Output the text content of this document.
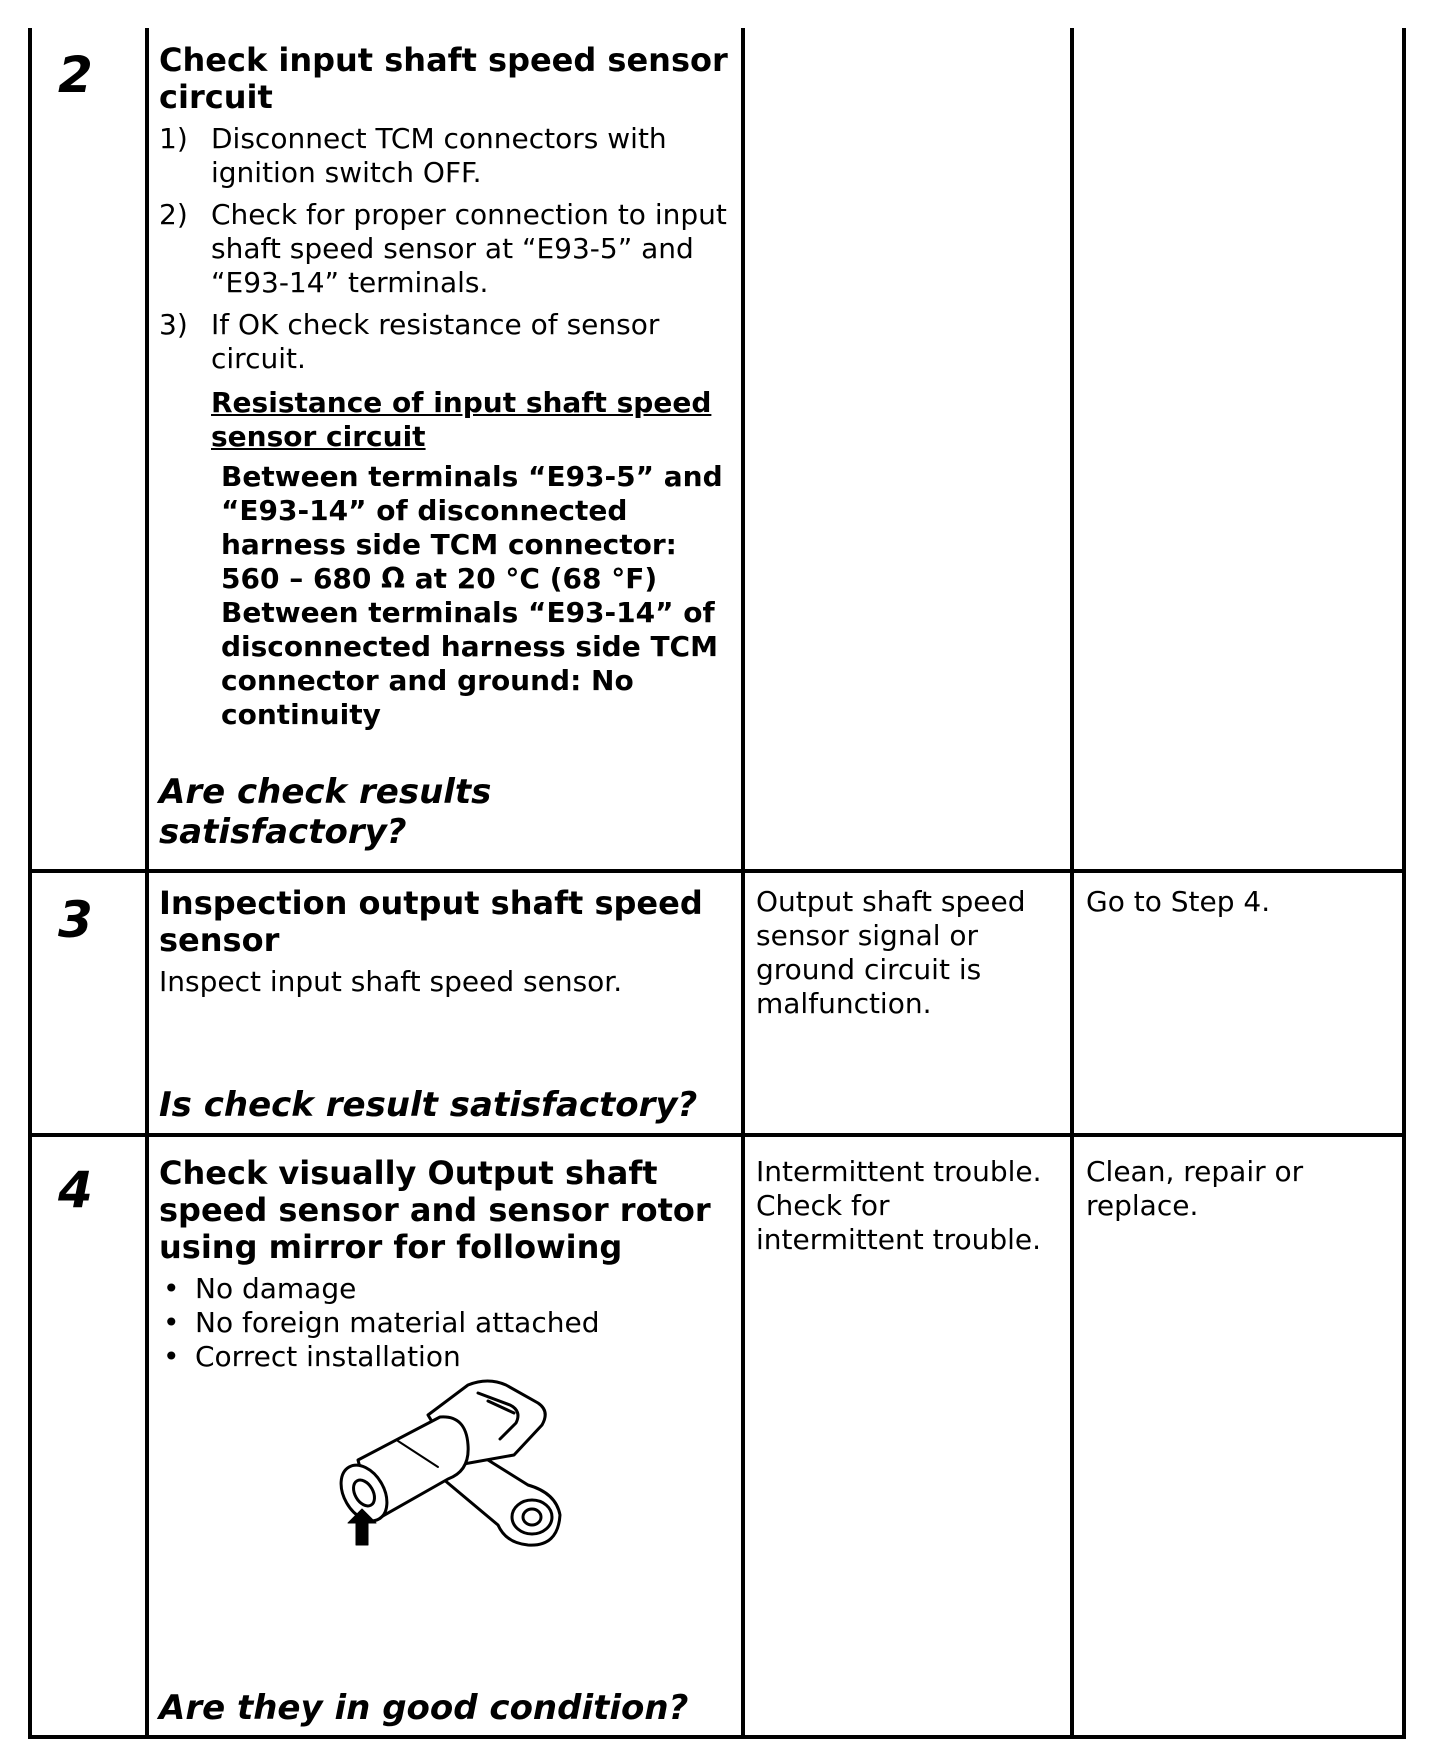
2 Check input shaft speed sensor circuit
1) Disconnect TCM connectors with ignition switch OFF.
2) Check for proper connection to input shaft speed sensor at “E93-5” and “E93-14” terminals.
3) If OK check resistance of sensor circuit.
Resistance of input shaft speed sensor circuit
Between terminals “E93-5” and “E93-14” of disconnected harness side TCM connector:
560 – 680 Ω at 20 °C (68 °F)
Between terminals “E93-14” of disconnected harness side TCM connector and ground: No continuity
Are check results satisfactory?
3 Inspection output shaft speed sensor
Inspect input shaft speed sensor.
Is check result satisfactory?
Output shaft speed sensor signal or ground circuit is malfunction.
Go to Step 4.
4 Check visually Output shaft speed sensor and sensor rotor using mirror for following
• No damage
• No foreign material attached
• Correct installation
Are they in good condition?
Intermittent trouble. Check for intermittent trouble.
Clean, repair or replace.
